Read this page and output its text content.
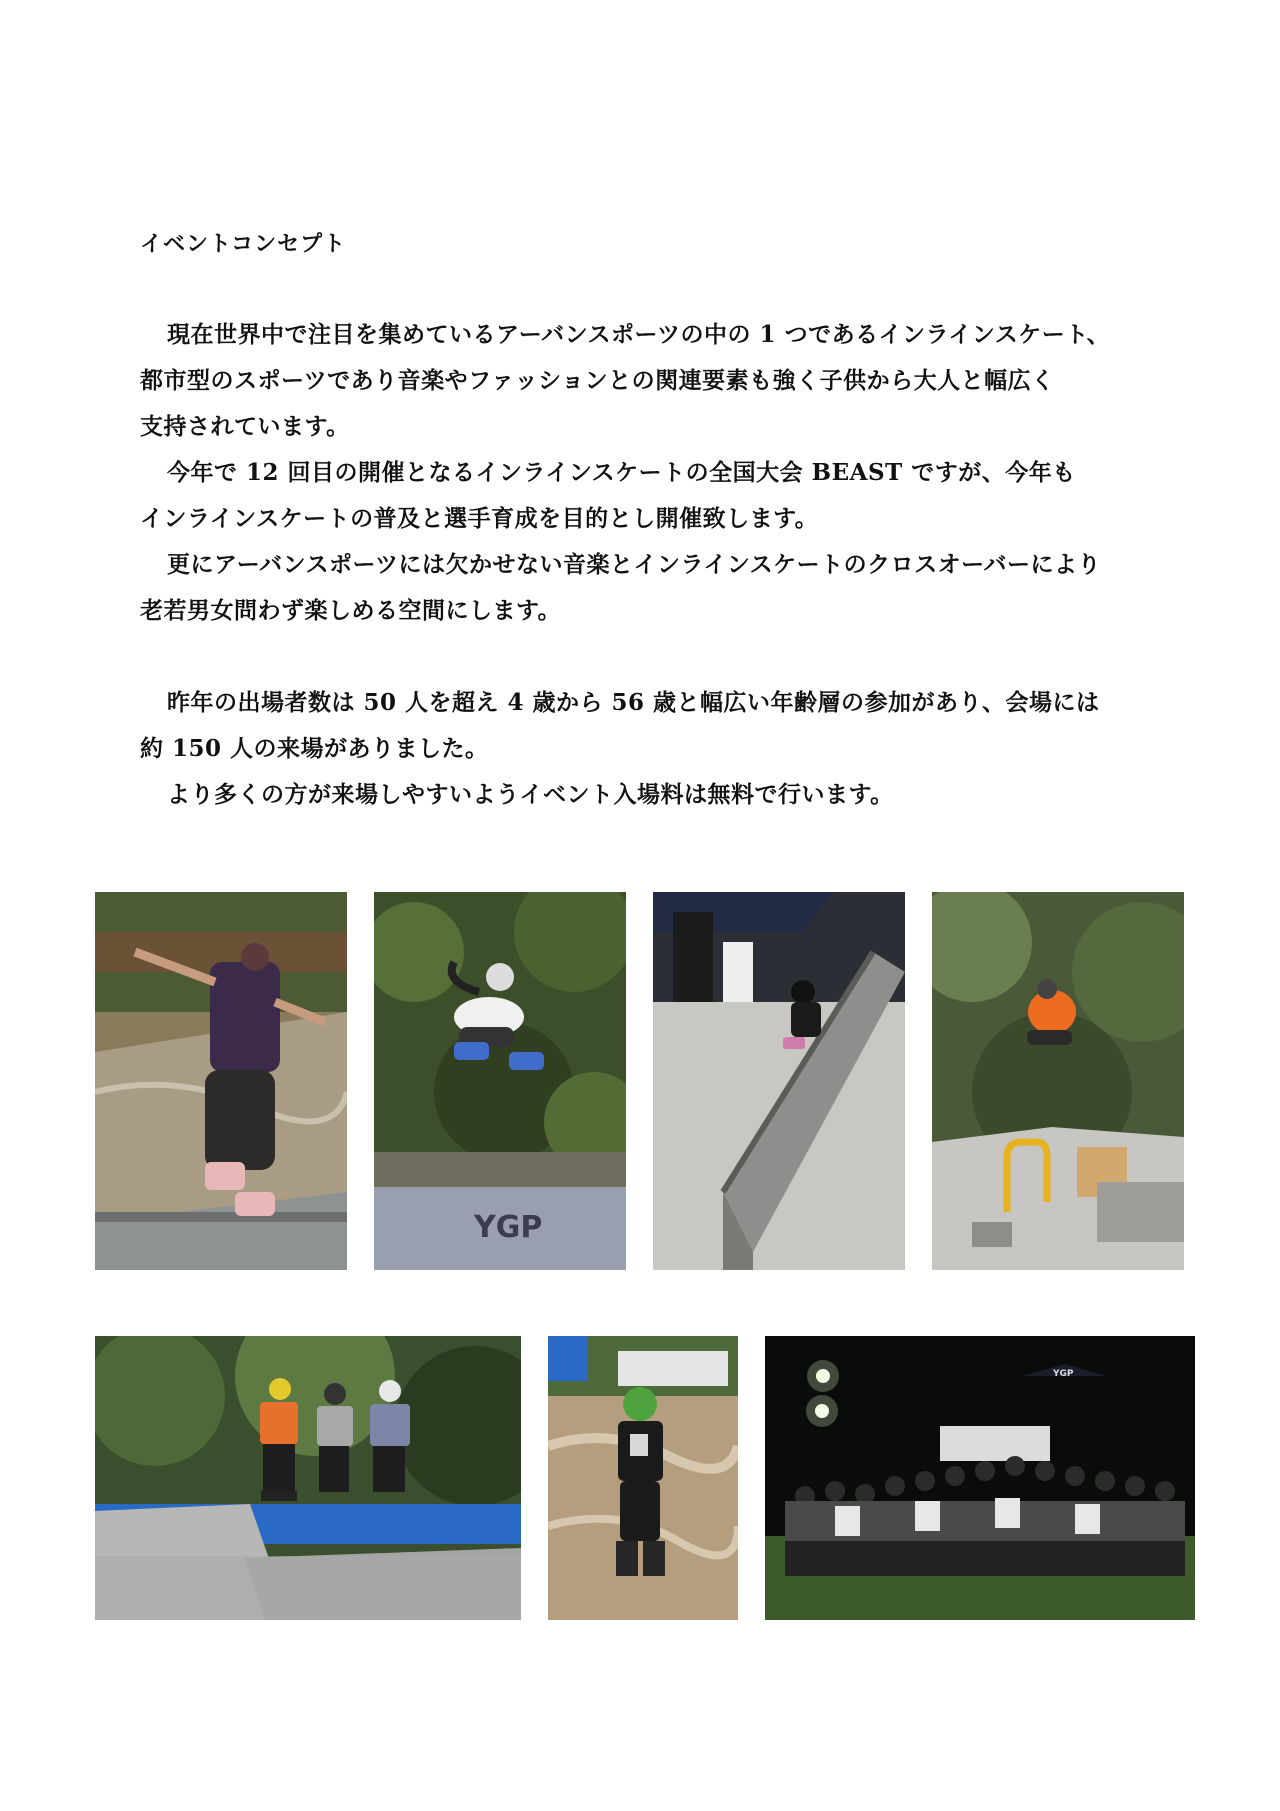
イベントコンセプト
現在世界中で注目を集めているアーバンスポーツの中の 1 つであるインラインスケート、
都市型のスポーツであり音楽やファッションとの関連要素も強く子供から大人と幅広く
支持されています。
今年で 12 回目の開催となるインラインスケートの全国大会 BEAST ですが、今年も
インラインスケートの普及と選手育成を目的とし開催致します。
更にアーバンスポーツには欠かせない音楽とインラインスケートのクロスオーバーにより
老若男女問わず楽しめる空間にします。
昨年の出場者数は 50 人を超え 4 歳から 56 歳と幅広い年齢層の参加があり、会場には
約 150 人の来場がありました。
より多くの方が来場しやすいようイベント入場料は無料で行います。
YGP
YGP
